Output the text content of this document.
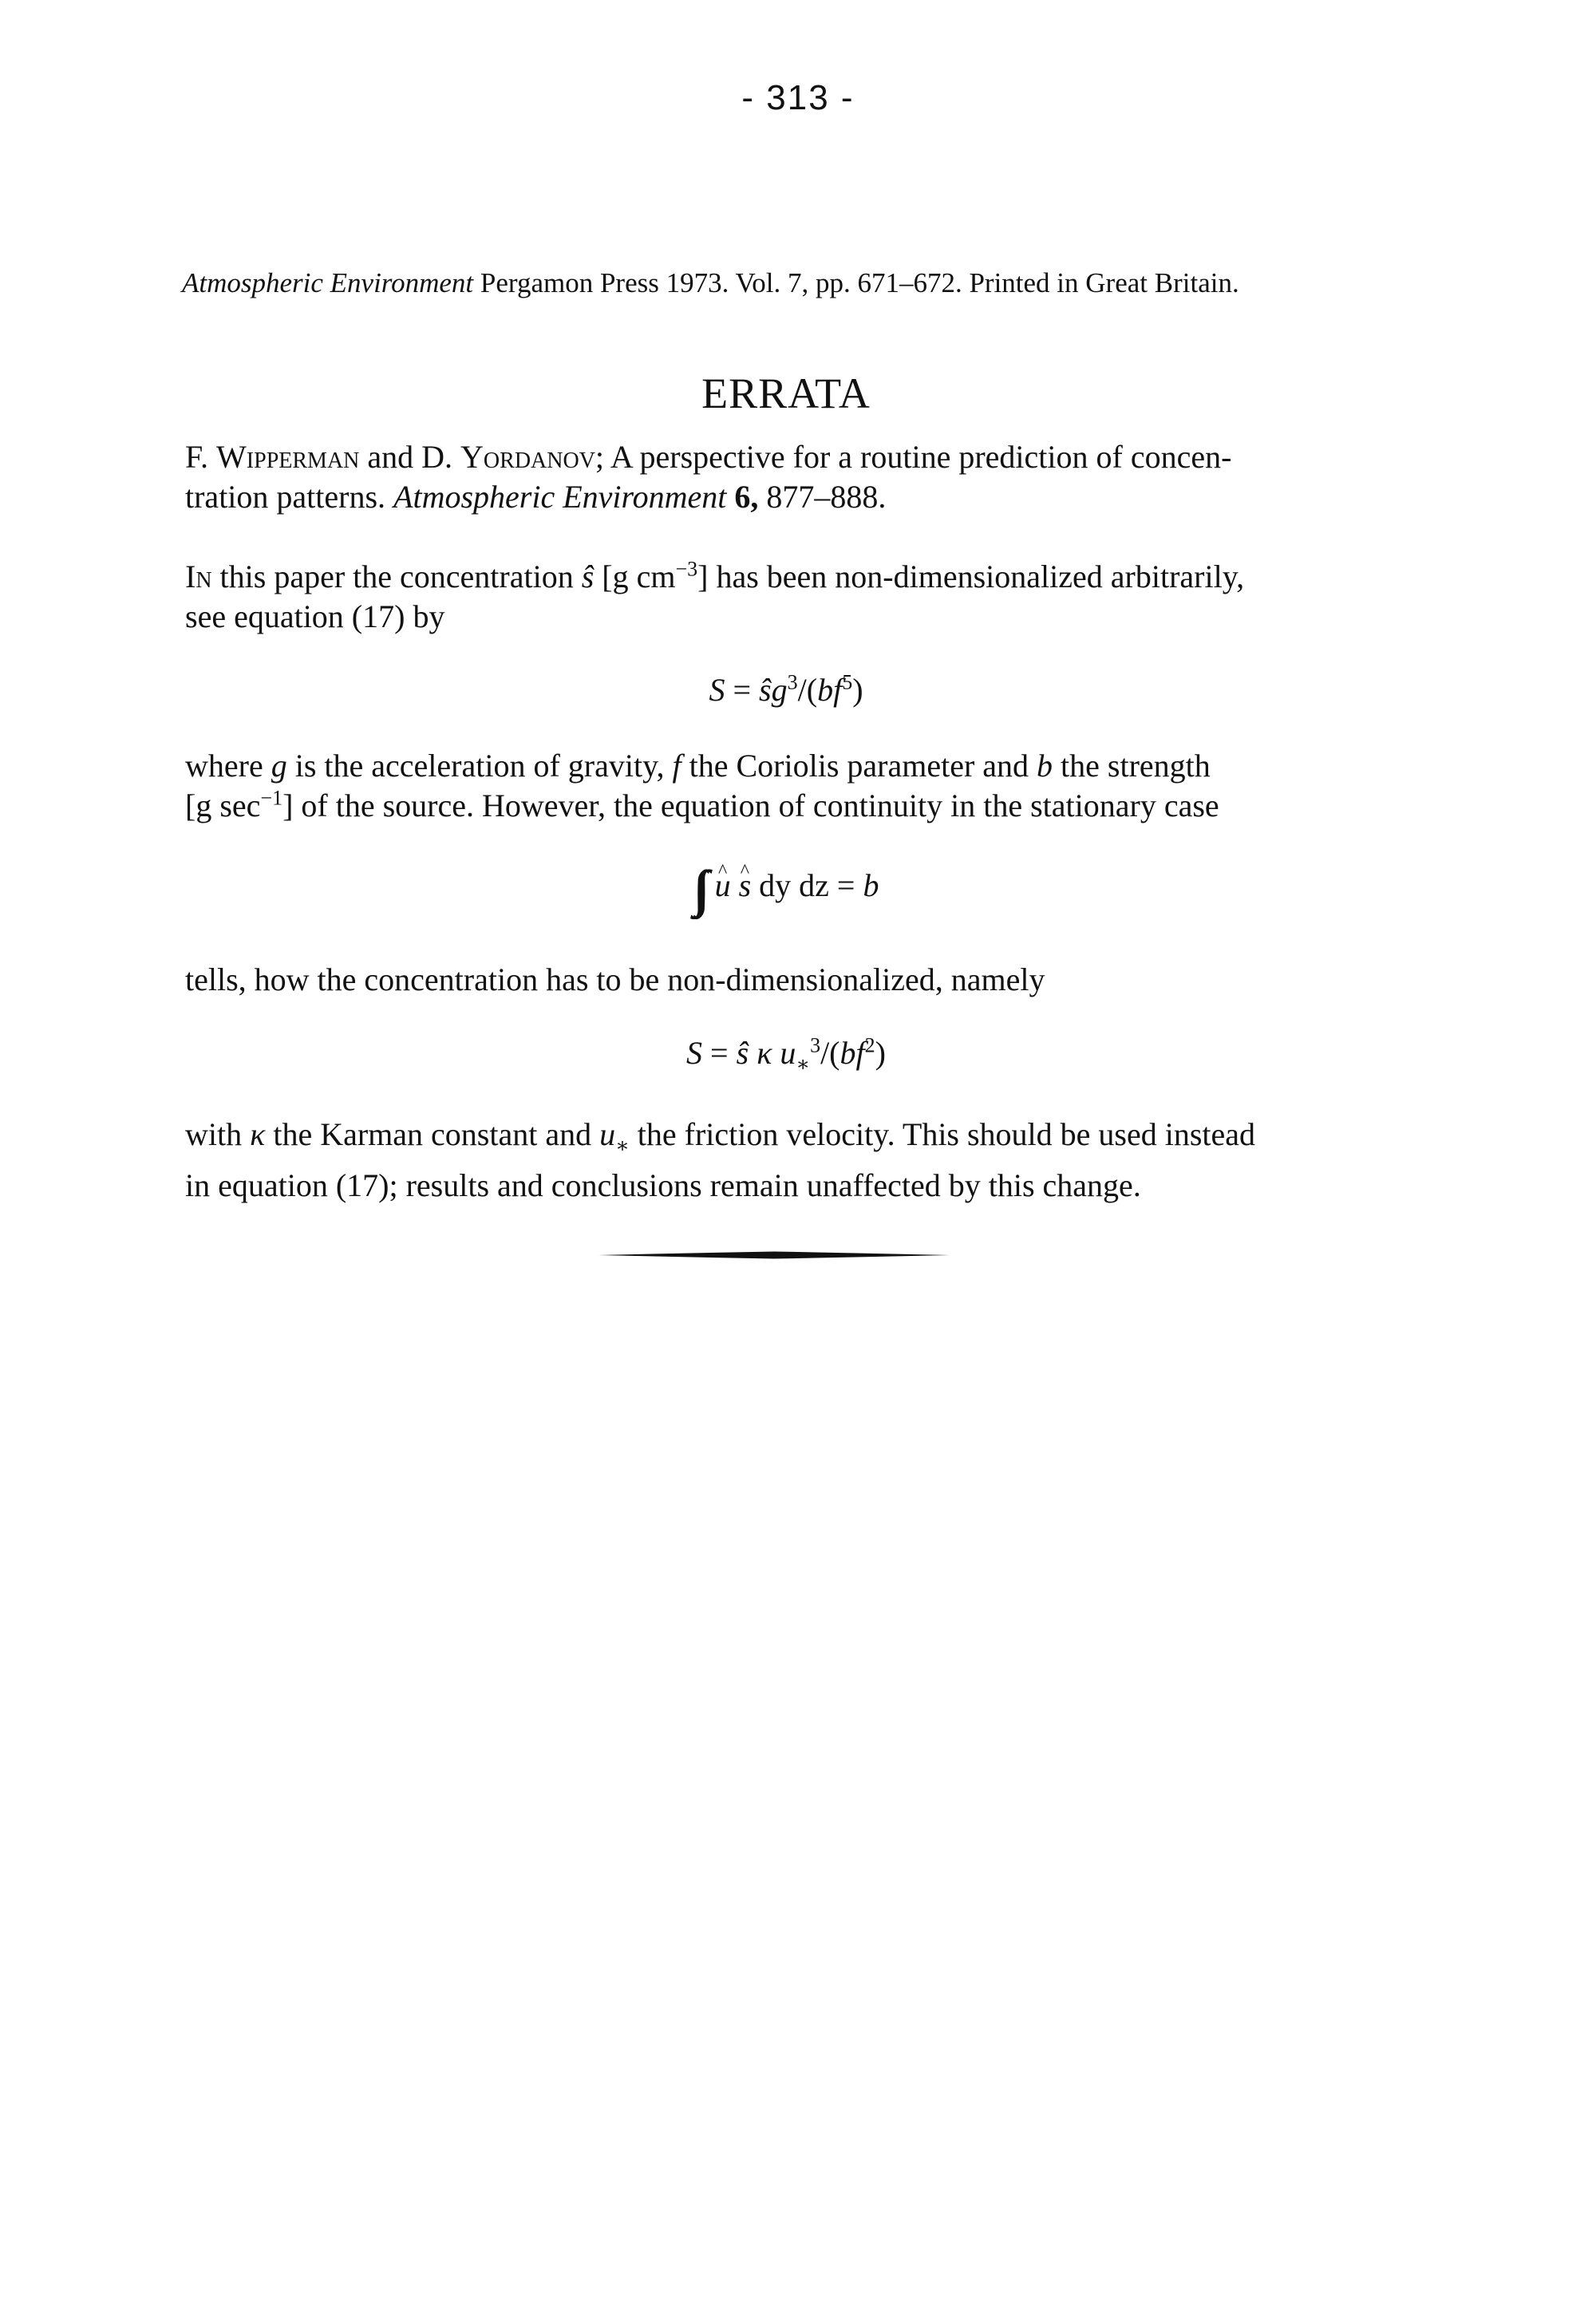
- 313 -
Atmospheric Environment Pergamon Press 1973. Vol. 7, pp. 671–672. Printed in Great Britain.
ERRATA
F. Wipperman and D. Yordanov; A perspective for a routine prediction of concen-
tration patterns. Atmospheric Environment 6, 877–888.
In this paper the concentration ŝ [g $cm^{-3}$] has been non-dimensionalized arbitrarily,
see equation (17) by
$S = ŝg^3/(bf^5)$
where g is the acceleration of gravity, f the Coriolis parameter and b the strength
[g $\sec^{-1}$] of the source. However, the equation of continuity in the stationary case
∫∫ u ^ s ^ dy dz = b
tells, how the concentration has to be non-dimensionalized, namely
S = ŝ κ $u_∗^3/(bf^2)$
with κ the Karman constant and $u_∗$ the friction velocity. This should be used instead
in equation (17); results and conclusions remain unaffected by this change.
